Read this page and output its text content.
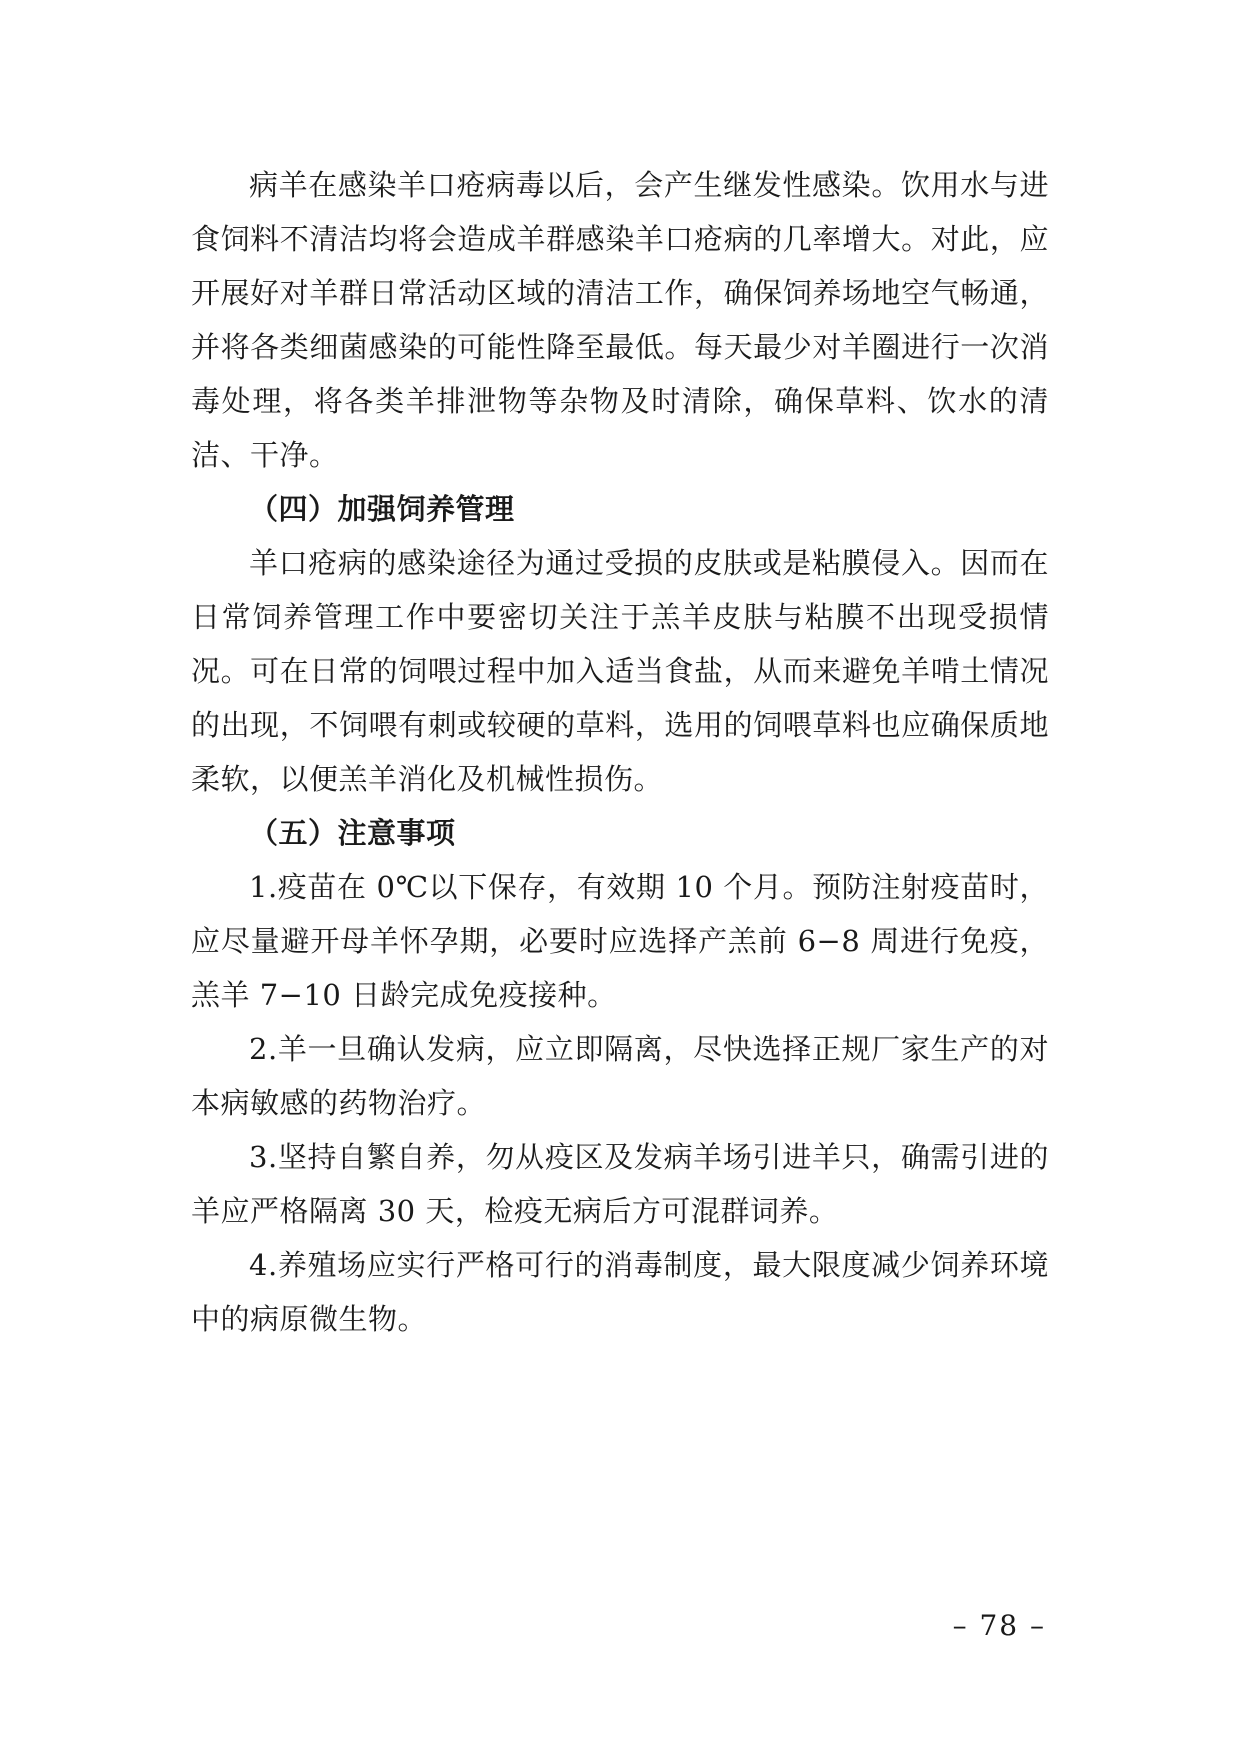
病羊在感染羊口疮病毒以后，会产生继发性感染。饮用水与进食饲料不清洁均将会造成羊群感染羊口疮病的几率增大。对此，应开展好对羊群日常活动区域的清洁工作，确保饲养场地空气畅通，并将各类细菌感染的可能性降至最低。每天最少对羊圈进行一次消毒处理，将各类羊排泄物等杂物及时清除，确保草料、饮水的清洁、干净。

（四）加强饲养管理

羊口疮病的感染途径为通过受损的皮肤或是粘膜侵入。因而在日常饲养管理工作中要密切关注于羔羊皮肤与粘膜不出现受损情况。可在日常的饲喂过程中加入适当食盐，从而来避免羊啃土情况的出现，不饲喂有刺或较硬的草料，选用的饲喂草料也应确保质地柔软，以便羔羊消化及机械性损伤。

（五）注意事项

1.疫苗在 0℃以下保存，有效期 10 个月。预防注射疫苗时，应尽量避开母羊怀孕期，必要时应选择产羔前 6−8 周进行免疫，羔羊 7−10 日龄完成免疫接种。

2.羊一旦确认发病，应立即隔离，尽快选择正规厂家生产的对本病敏感的药物治疗。

3.坚持自繁自养，勿从疫区及发病羊场引进羊只，确需引进的羊应严格隔离 30 天，检疫无病后方可混群词养。

4.养殖场应实行严格可行的消毒制度，最大限度减少饲养环境中的病原微生物。

– 78 –
